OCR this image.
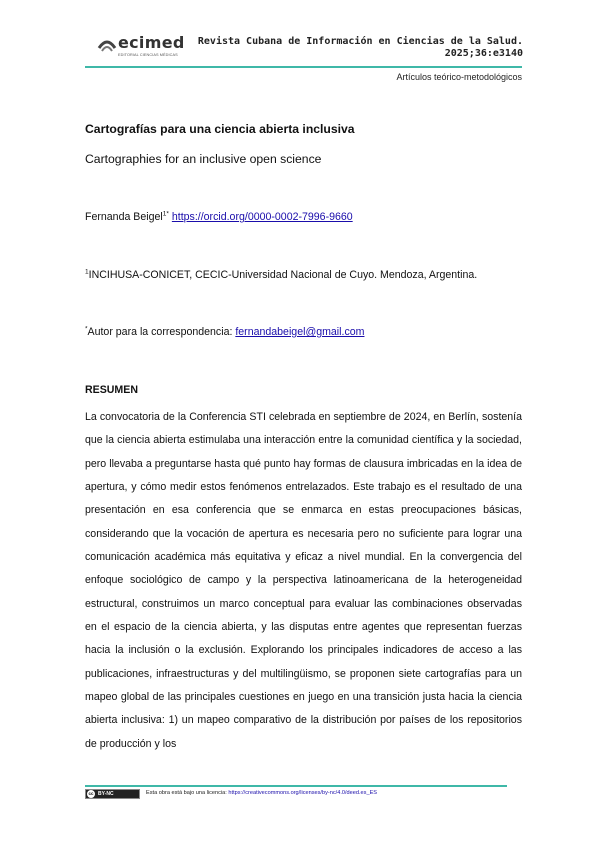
ecimed
EDITORIAL CIENCIAS MÉDICAS
Revista Cubana de Información en Ciencias de la Salud.
2025;36:e3140
Artículos teórico-metodológicos
Cartografías para una ciencia abierta inclusiva
Cartographies for an inclusive open science
Fernanda Beigel$^{1*}$ https://orcid.org/0000-0002-7996-9660
$^1$INCIHUSA-CONICET, CECIC-Universidad Nacional de Cuyo. Mendoza, Argentina.
*Autor para la correspondencia: fernandabeigel@gmail.com
RESUMEN
La convocatoria de la Conferencia STI celebrada en septiembre de 2024, en Berlín, sostenía que la ciencia abierta estimulaba una interacción entre la comunidad científica y la sociedad, pero llevaba a preguntarse hasta qué punto hay formas de clausura imbricadas en la idea de apertura, y cómo medir estos fenómenos entrelazados. Este trabajo es el resultado de una presentación en esa conferencia que se enmarca en estas preocupaciones básicas, considerando que la vocación de apertura es necesaria pero no suficiente para lograr una comunicación académica más equitativa y eficaz a nivel mundial. En la convergencia del enfoque sociológico de campo y la perspectiva latinoamericana de la heterogeneidad estructural, construimos un marco conceptual para evaluar las combinaciones observadas en el espacio de la ciencia abierta, y las disputas entre agentes que representan fuerzas hacia la inclusión o la exclusión. Explorando los principales indicadores de acceso a las publicaciones, infraestructuras y del multilingüismo, se proponen siete cartografías para un mapeo global de las principales cuestiones en juego en una transición justa hacia la ciencia abierta inclusiva: 1) un mapeo comparativo de la distribución por países de los repositorios de producción y los
cc BY-NC	Esta obra está bajo una licencia: https://creativecommons.org/licenses/by-nc/4.0/deed.es_ES
